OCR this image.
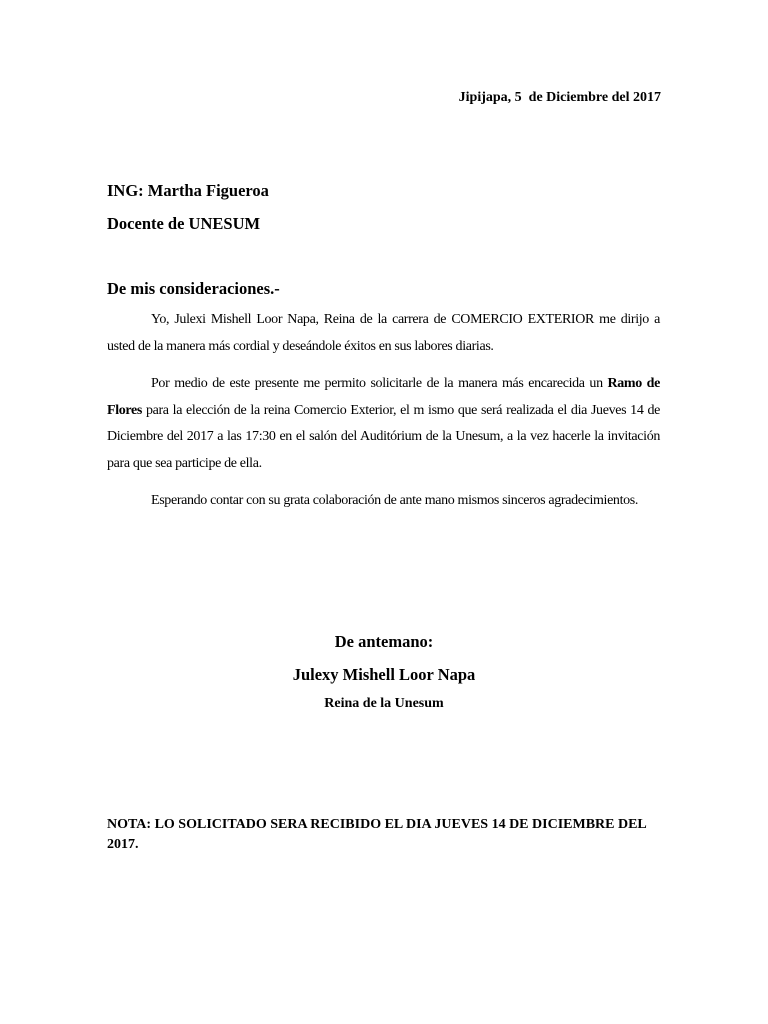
Jipijapa, 5  de Diciembre del 2017

ING: Martha Figueroa

Docente de UNESUM

De mis consideraciones.-

Yo, Julexi Mishell Loor Napa, Reina de la carrera de COMERCIO EXTERIOR me dirijo a usted de la manera más cordial y deseándole éxitos en sus labores diarias.

Por medio de este presente me permito solicitarle de la manera más encarecida un Ramo de Flores para la elección de la reina Comercio Exterior, el m ismo que será realizada el dia Jueves 14 de Diciembre del 2017 a las 17:30 en el salón del Auditórium de la Unesum, a la vez hacerle la invitación para que sea participe de ella.

Esperando contar con su grata colaboración de ante mano mismos sinceros agradecimientos.

De antemano:

Julexy Mishell Loor Napa

Reina de la Unesum

NOTA: LO SOLICITADO SERA RECIBIDO EL DIA JUEVES 14 DE DICIEMBRE DEL 2017.
